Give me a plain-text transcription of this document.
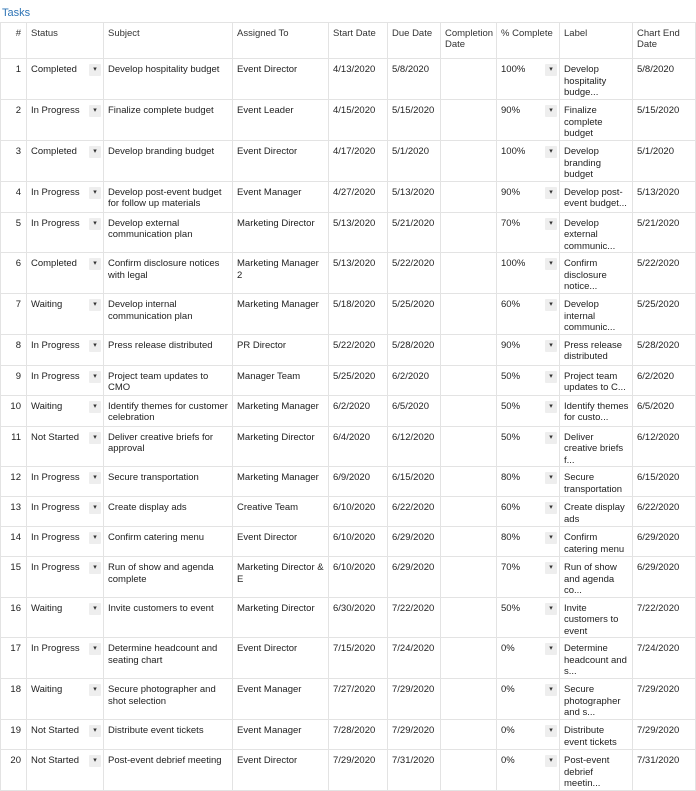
Tasks
#	Status	Subject	Assigned To	Start Date	Due Date	Completion Date	% Complete	Label	Chart End Date
1	Completed ▾	Develop hospitality budget	Event Director	4/13/2020	5/8/2020		100% ▾	Develop hospitality budge...	5/8/2020
2	In Progress ▾	Finalize complete budget	Event Leader	4/15/2020	5/15/2020		90% ▾	Finalize complete budget	5/15/2020
3	Completed ▾	Develop branding budget	Event Director	4/17/2020	5/1/2020		100% ▾	Develop branding budget	5/1/2020
4	In Progress ▾	Develop post-event budget for follow up materials	Event Manager	4/27/2020	5/13/2020		90% ▾	Develop post-event budget...	5/13/2020
5	In Progress ▾	Develop external communication plan	Marketing Director	5/13/2020	5/21/2020		70% ▾	Develop external communic...	5/21/2020
6	Completed ▾	Confirm disclosure notices with legal	Marketing Manager 2	5/13/2020	5/22/2020		100% ▾	Confirm disclosure notice...	5/22/2020
7	Waiting ▾	Develop internal communication plan	Marketing Manager	5/18/2020	5/25/2020		60% ▾	Develop internal communic...	5/25/2020
8	In Progress ▾	Press release distributed	PR Director	5/22/2020	5/28/2020		90% ▾	Press release distributed	5/28/2020
9	In Progress ▾	Project team updates to CMO	Manager Team	5/25/2020	6/2/2020		50% ▾	Project team updates to C...	6/2/2020
10	Waiting ▾	Identify themes for customer celebration	Marketing Manager	6/2/2020	6/5/2020		50% ▾	Identify themes for custo...	6/5/2020
11	Not Started ▾	Deliver creative briefs for approval	Marketing Director	6/4/2020	6/12/2020		50% ▾	Deliver creative briefs f...	6/12/2020
12	In Progress ▾	Secure transportation	Marketing Manager	6/9/2020	6/15/2020		80% ▾	Secure transportation	6/15/2020
13	In Progress ▾	Create display ads	Creative Team	6/10/2020	6/22/2020		60% ▾	Create display ads	6/22/2020
14	In Progress ▾	Confirm catering menu	Event Director	6/10/2020	6/29/2020		80% ▾	Confirm catering menu	6/29/2020
15	In Progress ▾	Run of show and agenda complete	Marketing Director & E	6/10/2020	6/29/2020		70% ▾	Run of show and agenda co...	6/29/2020
16	Waiting ▾	Invite customers to event	Marketing Director	6/30/2020	7/22/2020		50% ▾	Invite customers to event	7/22/2020
17	In Progress ▾	Determine headcount and seating chart	Event Director	7/15/2020	7/24/2020		0% ▾	Determine headcount and s...	7/24/2020
18	Waiting ▾	Secure photographer and shot selection	Event Manager	7/27/2020	7/29/2020		0% ▾	Secure photographer and s...	7/29/2020
19	Not Started ▾	Distribute event tickets	Event Manager	7/28/2020	7/29/2020		0% ▾	Distribute event tickets	7/29/2020
20	Not Started ▾	Post-event debrief meeting	Event Director	7/29/2020	7/31/2020		0% ▾	Post-event debrief meetin...	7/31/2020
